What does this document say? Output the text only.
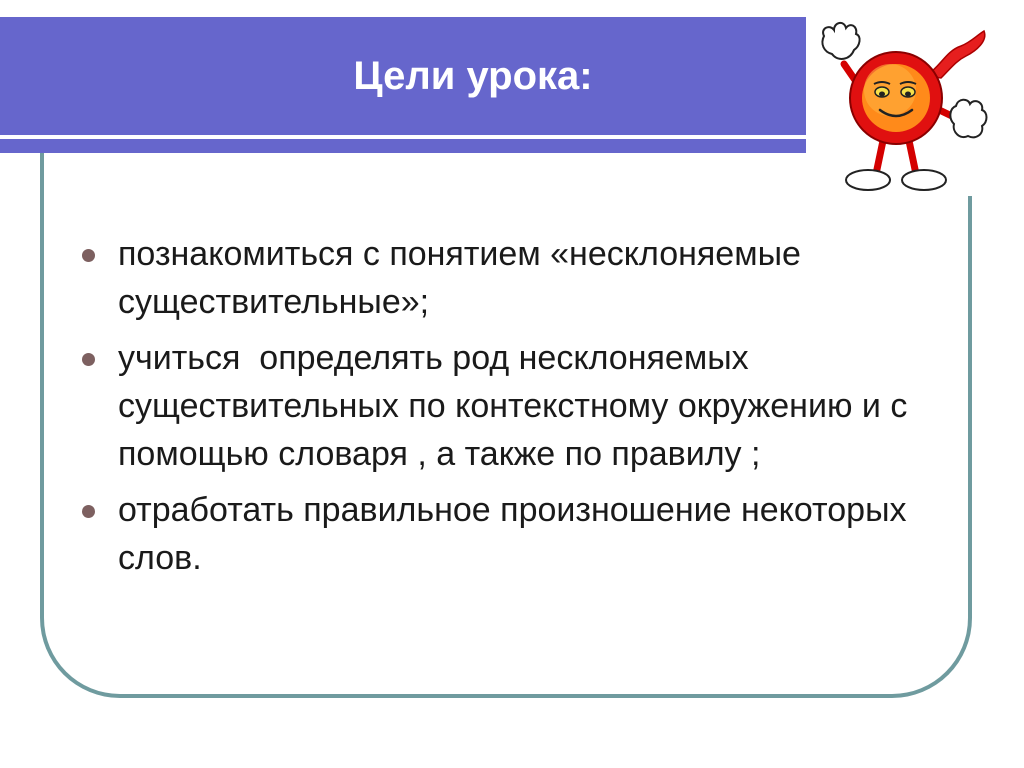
Цели урока:
познакомиться с понятием «несклоняемые существительные»;
учиться  определять род несклоняемых существительных по контекстному окружению и с помощью словаря , а также по правилу ;
отработать правильное произношение некоторых слов.
